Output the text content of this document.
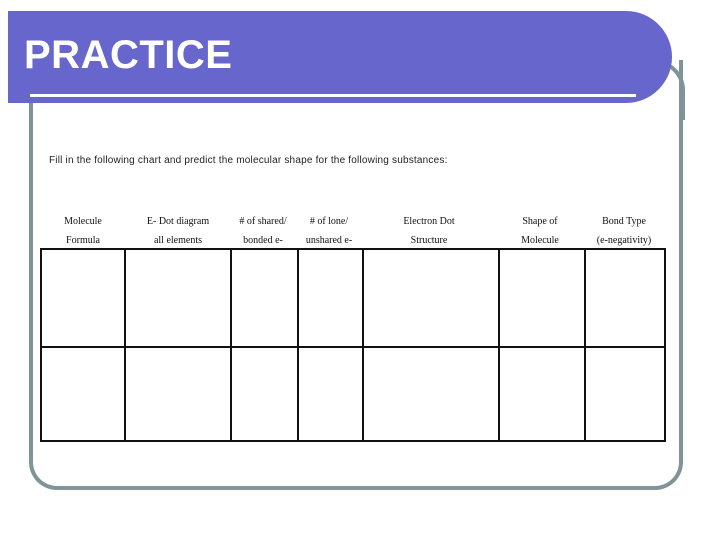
PRACTICE

Fill in the following chart and predict the molecular shape for the following substances:

Molecule
Formula
E- Dot diagram
all elements
# of shared/
bonded e-
# of lone/
unshared e-
Electron Dot
Structure
Shape of
Molecule
Bond Type
(e-negativity)
